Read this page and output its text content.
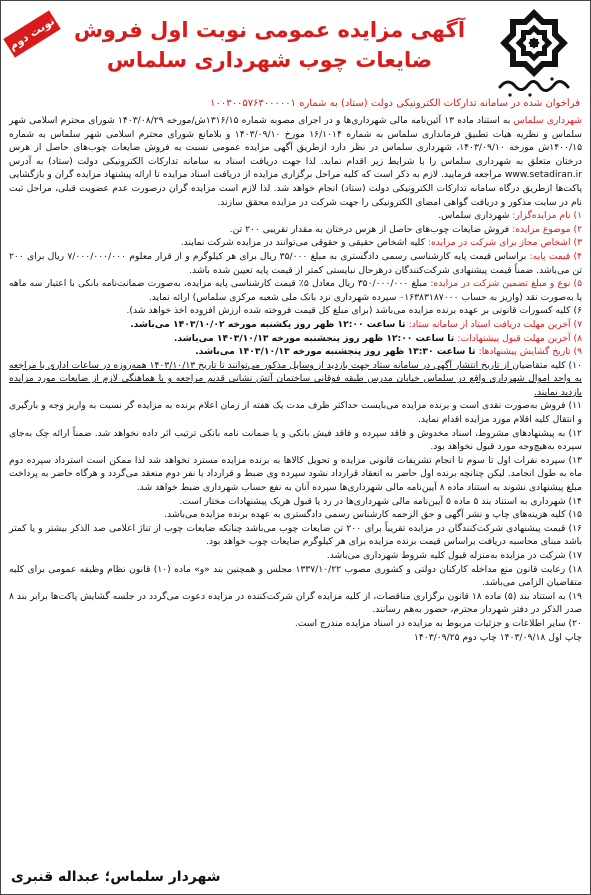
نوبت دوم آگهی مزایده عمومی نوبت اول فروش
ضایعات چوب شهرداری سلماس
فراخوان شده در سامانه تدارکات الکترونیکی دولت (ستاد) به شماره ۱۰۰۳۰۰۵۷۶۳۰۰۰۰۰۱

شهرداری سلماس به استناد ماده ۱۳ آئین‌نامه مالی شهرداری‌ها و در اجرای مصوبه شماره ۱۳۱۶/۱۵ش/مورخه ۱۴۰۳/۰۸/۲۹ شورای محترم اسلامی شهر سلماس و نظریه هیات تطبیق فرمانداری سلماس به شماره ۱۶/۱۰۱۴ مورخ ۱۴۰۳/۰۹/۱۰ و بلامانع شورای محترم اسلامی شهر سلماس به شماره ۱۴۰۰/۱۵ش مورخه ۱۴۰۳/۰۹/۱۰، شهرداری سلماس در نظر دارد ازطریق آگهی مزایده عمومی نسبت به فروش ضایعات چوب‌های حاصل از هرس درختان متعلق به شهرداری سلماس را با شرایط زیر اقدام نماید. لذا جهت دریافت اسناد به سامانه تدارکات الکترونیکی دولت (ستاد) به آدرس www.setadiran.ir مراجعه فرمایید. لازم به ذکر است که کلیه مراحل برگزاری مزایده از دریافت اسناد مزایده تا ارائه پیشنهاد مزایده گران و بازگشایی پاکت‌ها ازطریق درگاه سامانه تدارکات الکترونیکی دولت (ستاد) انجام خواهد شد. لذا لازم است مزایده گران درصورت عدم عضویت قبلی، مراحل ثبت نام در سایت مذکور و دریافت گواهی امضای الکترونیکی را جهت شرکت در مزایده محقق سازند.

۱) نام مزایده‌گزار: شهرداری سلماس.

۲) موضوع مزایده: فروش ضایعات چوب‌های حاصل از هرس درختان به مقدار تقریبی ۲۰۰ تن.

۳) اشخاص مجاز برای شرکت در مزایده: کلیه اشخاص حقیقی و حقوقی می‌توانند در مزایده شرکت نمایند.

۴) قیمت پایه: براساس قیمت پایه کارشناسی رسمی دادگستری به مبلغ ۳۵/۰۰۰ ریال برای هر کیلوگرم و از قرار معلوم ۷/۰۰۰/۰۰۰/۰۰۰ ریال برای ۲۰۰ تن می‌باشد. ضمناً قیمت پیشنهادی شرکت‌کنندگان درهرحال نبایستی کمتر از قیمت پایه تعیین شده باشد.

۵) نوع و مبلغ تضمین شرکت در مزایده: مبلغ ۳۵۰/۰۰۰/۰۰۰ ریال معادل ۵٪ قیمت کارشناسی پایه مزایده، به‌صورت ضمانت‌نامه بانکی با اعتبار سه ماهه یا به‌صورت نقد (واریز به حساب ۰۱۶۳۸۳۱۸۷۰۰۰ سپرده شهرداری نزد بانک ملی شعبه مرکزی سلماس) ارائه نماید.

۶) کلیه کسورات قانونی بر عهده برنده مزایده می‌باشد (برای مبلغ کل قیمت فروخته شده ارزش افزوده اخذ خواهد شد).

۷) آخرین مهلت دریافت اسناد از سامانه ستاد: تا ساعت ۱۲:۰۰ ظهر روز یکشنبه مورخه ۱۴۰۳/۱۰/۰۲ می‌باشد.

۸) آخرین مهلت قبول پیشنهادات: تا ساعت ۱۲:۰۰ ظهر روز پنجشنبه مورخه ۱۴۰۳/۱۰/۱۳ می‌باشد.

۹) تاریخ گشایش پیشنهادها: تا ساعت ۱۳:۳۰ ظهر روز پنجشنبه مورخه ۱۴۰۳/۱۰/۱۳ می‌باشد.

۱۰) کلیه متقاضیان از تاریخ انتشار آگهی در سامانه ستاد جهت بازدید از وسایل مذکور می‌توانند تا تاریخ ۱۴۰۳/۱۰/۱۳ همه‌روزه در ساعات اداری با مراجعه به واحد اموال شهرداری واقع در سلماس خیابان مدرس طبقه فوقانی ساختمان آتش نشانی قدیم مراجعه و با هماهنگی لازم از ضایعات مورد مزایده بازدید نمایند.

۱۱) فروش به‌صورت نقدی است و برنده مزایده می‌بایست حداکثر ظرف مدت یک هفته از زمان اعلام برنده به مزایده گر نسبت به واریز وجه و بارگیری و انتقال کلیه اقلام مورد مزایده اقدام نماید.

۱۲) به پیشنهادهای مشروط، اسناد مخدوش و فاقد سپرده و فاقد فیش بانکی و یا ضمانت نامه بانکی ترتیب اثر داده نخواهد شد. ضمناً ارائه چک به‌جای سپرده به‌هیچ‌وجه مورد قبول نخواهد بود.

۱۳) سپرده نفرات اول تا سوم تا انجام تشریفات قانونی مزایده و تحویل کالاها به برنده مزایده مسترد نخواهد شد لذا ممکن است استرداد سپرده دوم ماه به طول انجامد. لیکن چنانچه برنده اول حاضر به انعقاد قرارداد نشود سپرده وی ضبط و قرارداد با نفر دوم منعقد می‌گردد و هرگاه حاضر به پرداخت مبلغ پیشنهادی نشوند به استناد ماده ۸ آیین‌نامه مالی شهرداری‌ها سپرده آنان به نفع حساب شهرداری ضبط خواهد شد.

۱۴) شهرداری به استناد بند ۵ ماده ۵ آیین‌نامه مالی شهرداری‌ها در رد یا قبول هریک پیشنهادات مختار است.

۱۵) کلیه هزینه‌های چاپ و نشر آگهی و حق الزحمه کارشناس رسمی دادگستری به عهده برنده مزایده می‌باشد.

۱۶) قیمت پیشنهادی شرکت‌کنندگان در مزایده تقریباً برای ۲۰۰ تن ضایعات چوب می‌باشد چنانکه ضایعات چوب از تناژ اعلامی صد الذکر بیشتر و یا کمتر باشد مبنای محاسبه دریافت براساس قیمت برنده مزایده برای هر کیلوگرم ضایعات چوب خواهد بود.

۱۷) شرکت در مزایده به‌منزله قبول کلیه شروط شهرداری می‌باشد.

۱۸) رعایت قانون منع مداخله کارکنان دولتی و کشوری مصوب ۱۳۳۷/۱۰/۲۲ مجلس و همچنین بند «و» ماده (۱۰) قانون نظام وظیفه عمومی برای کلیه متقاضیان الزامی می‌باشد.

۱۹) به استناد بند (۵) ماده ۱۸ قانون برگزاری مناقصات، از کلیه مزایده گران شرکت‌کننده در مزایده دعوت می‌گردد در جلسه گشایش پاکت‌ها برابر بند ۸ صدر الذکر در دفتر شهردار محترم، حضور به‌هم رسانند.

۲۰) سایر اطلاعات و جزئیات مربوط به مزایده در اسناد مزایده مندرج است.

چاپ اول ۱۴۰۳/۰۹/۱۸ چاپ دوم ۱۴۰۳/۰۹/۲۵

شهردار سلماس؛ عبداله قنبری
